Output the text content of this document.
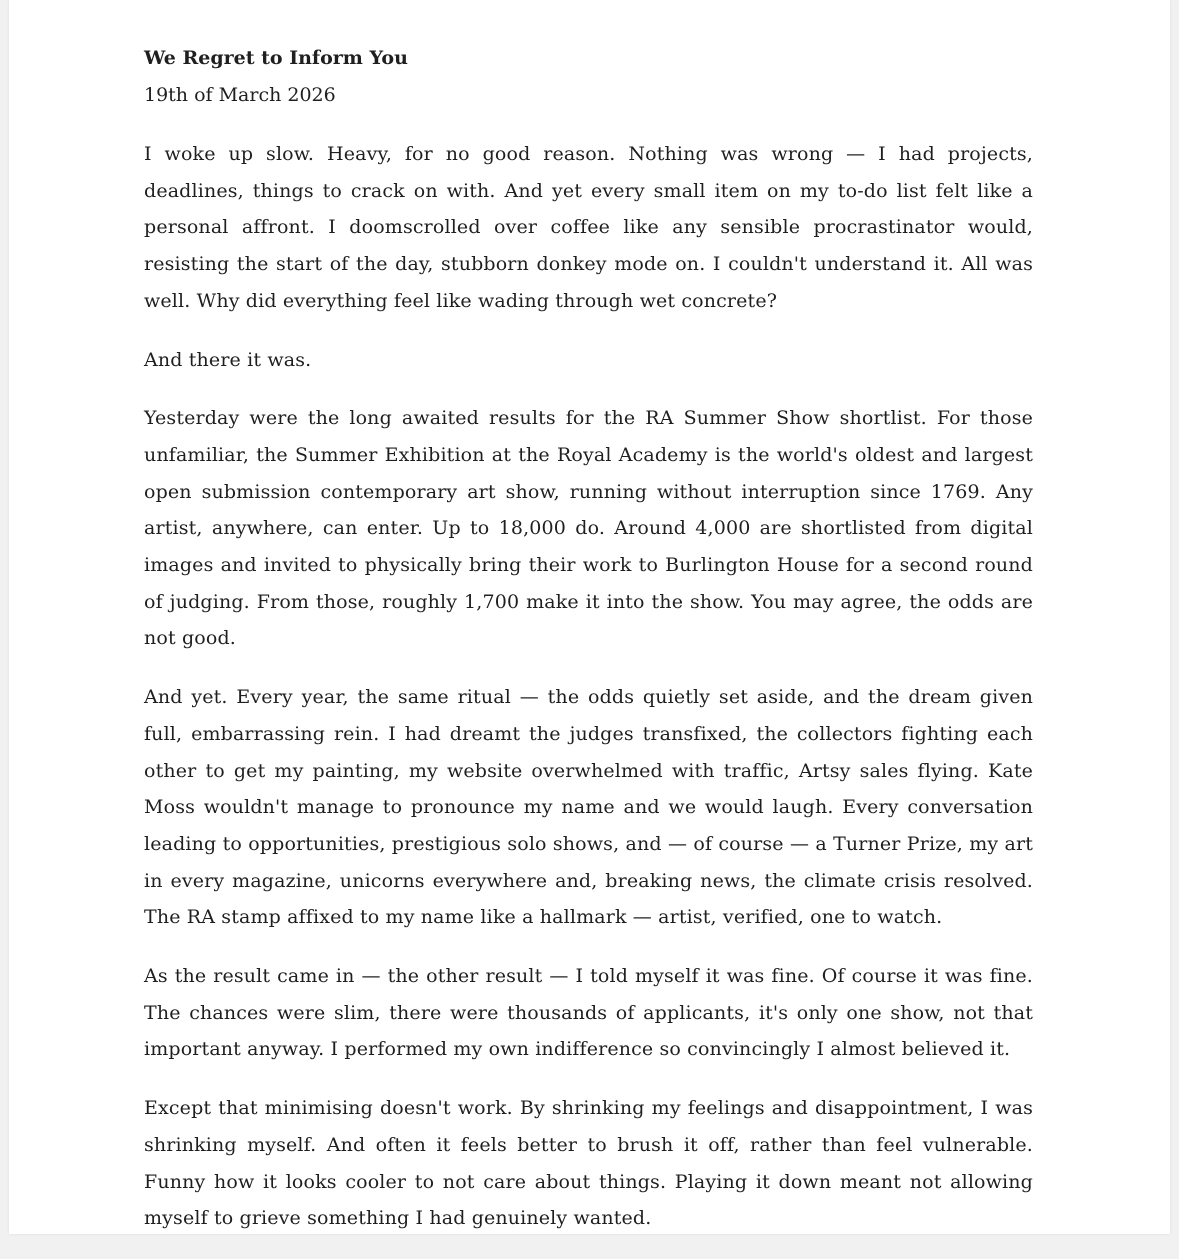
We Regret to Inform You

19th of March 2026

I woke up slow. Heavy, for no good reason. Nothing was wrong — I had projects, deadlines, things to crack on with. And yet every small item on my to-do list felt like a personal affront. I doomscrolled over coffee like any sensible procrastinator would, resisting the start of the day, stubborn donkey mode on. I couldn't understand it. All was well. Why did everything feel like wading through wet concrete?

And there it was.

Yesterday were the long awaited results for the RA Summer Show shortlist. For those unfamiliar, the Summer Exhibition at the Royal Academy is the world's oldest and largest open submission contemporary art show, running without interruption since 1769. Any artist, anywhere, can enter. Up to 18,000 do. Around 4,000 are shortlisted from digital images and invited to physically bring their work to Burlington House for a second round of judging. From those, roughly 1,700 make it into the show. You may agree, the odds are not good.

And yet. Every year, the same ritual — the odds quietly set aside, and the dream given full, embarrassing rein. I had dreamt the judges transfixed, the collectors fighting each other to get my painting, my website overwhelmed with traffic, Artsy sales flying. Kate Moss wouldn't manage to pronounce my name and we would laugh. Every conversation leading to opportunities, prestigious solo shows, and — of course — a Turner Prize, my art in every magazine, unicorns everywhere and, breaking news, the climate crisis resolved. The RA stamp affixed to my name like a hallmark — artist, verified, one to watch.

As the result came in — the other result — I told myself it was fine. Of course it was fine. The chances were slim, there were thousands of applicants, it's only one show, not that important anyway. I performed my own indifference so convincingly I almost believed it.

Except that minimising doesn't work. By shrinking my feelings and disappointment, I was shrinking myself. And often it feels better to brush it off, rather than feel vulnerable. Funny how it looks cooler to not care about things. Playing it down meant not allowing myself to grieve something I had genuinely wanted.
